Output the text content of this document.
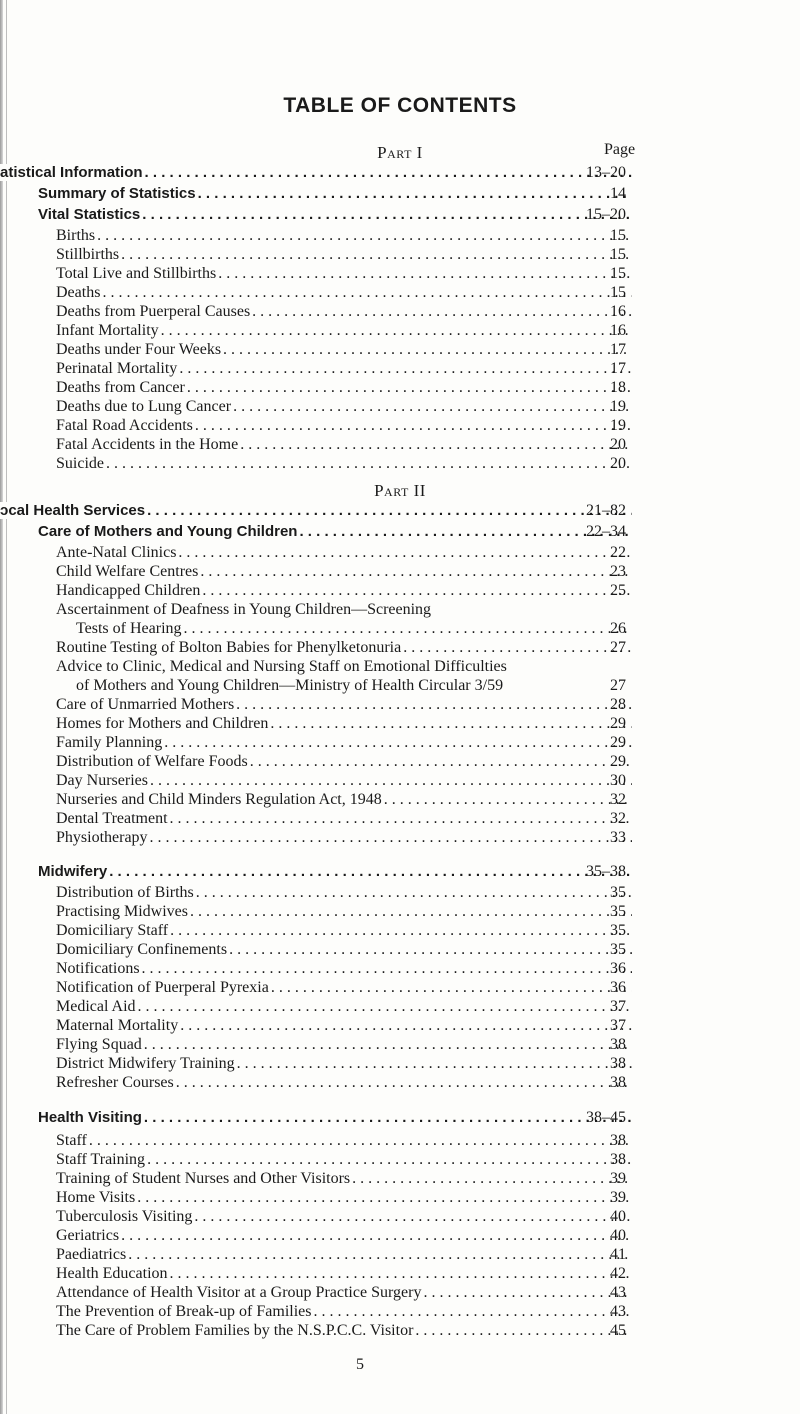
TABLE OF CONTENTS
Part I	Page
atistical Information . . .	13–20
Summary of Statistics . . .	14
Vital Statistics . . .	15–20
Births . . .	15
Stillbirths . . .	15
Total Live and Stillbirths . . .	15
Deaths . . .	15
Deaths from Puerperal Causes . . .	16
Infant Mortality . . .	16
Deaths under Four Weeks . . .	17
Perinatal Mortality . . .	17
Deaths from Cancer . . .	18
Deaths due to Lung Cancer . . .	19
Fatal Road Accidents . . .	19
Fatal Accidents in the Home . . .	20
Suicide . . .	20
Part II
ɔcal Health Services . . .	21–82
Care of Mothers and Young Children . . .	22–34
Ante-Natal Clinics . . .	22
Child Welfare Centres . . .	23
Handicapped Children . . .	25
Ascertainment of Deafness in Young Children—Screening
Tests of Hearing . . .	26
Routine Testing of Bolton Babies for Phenylketonuria . . .	27
Advice to Clinic, Medical and Nursing Staff on Emotional Difficulties
of Mothers and Young Children—Ministry of Health Circular 3/59	27
Care of Unmarried Mothers . . .	28
Homes for Mothers and Children . . .	29
Family Planning . . .	29
Distribution of Welfare Foods . . .	29
Day Nurseries . . .	30
Nurseries and Child Minders Regulation Act, 1948 . . .	32
Dental Treatment . . .	32
Physiotherapy . . .	33
Midwifery . . .	35–38
Distribution of Births . . .	35
Practising Midwives . . .	35
Domiciliary Staff . . .	35
Domiciliary Confinements . . .	35
Notifications . . .	36
Notification of Puerperal Pyrexia . . .	36
Medical Aid . . .	37
Maternal Mortality . . .	37
Flying Squad . . .	38
District Midwifery Training . . .	38
Refresher Courses . . .	38
Health Visiting . . .	38–45
Staff . . .	38
Staff Training . . .	38
Training of Student Nurses and Other Visitors . . .	39
Home Visits . . .	39
Tuberculosis Visiting . . .	40
Geriatrics . . .	40
Paediatrics . . .	41
Health Education . . .	42
Attendance of Health Visitor at a Group Practice Surgery . . .	43
The Prevention of Break-up of Families . . .	43
The Care of Problem Families by the N.S.P.C.C. Visitor . . .	45
5
